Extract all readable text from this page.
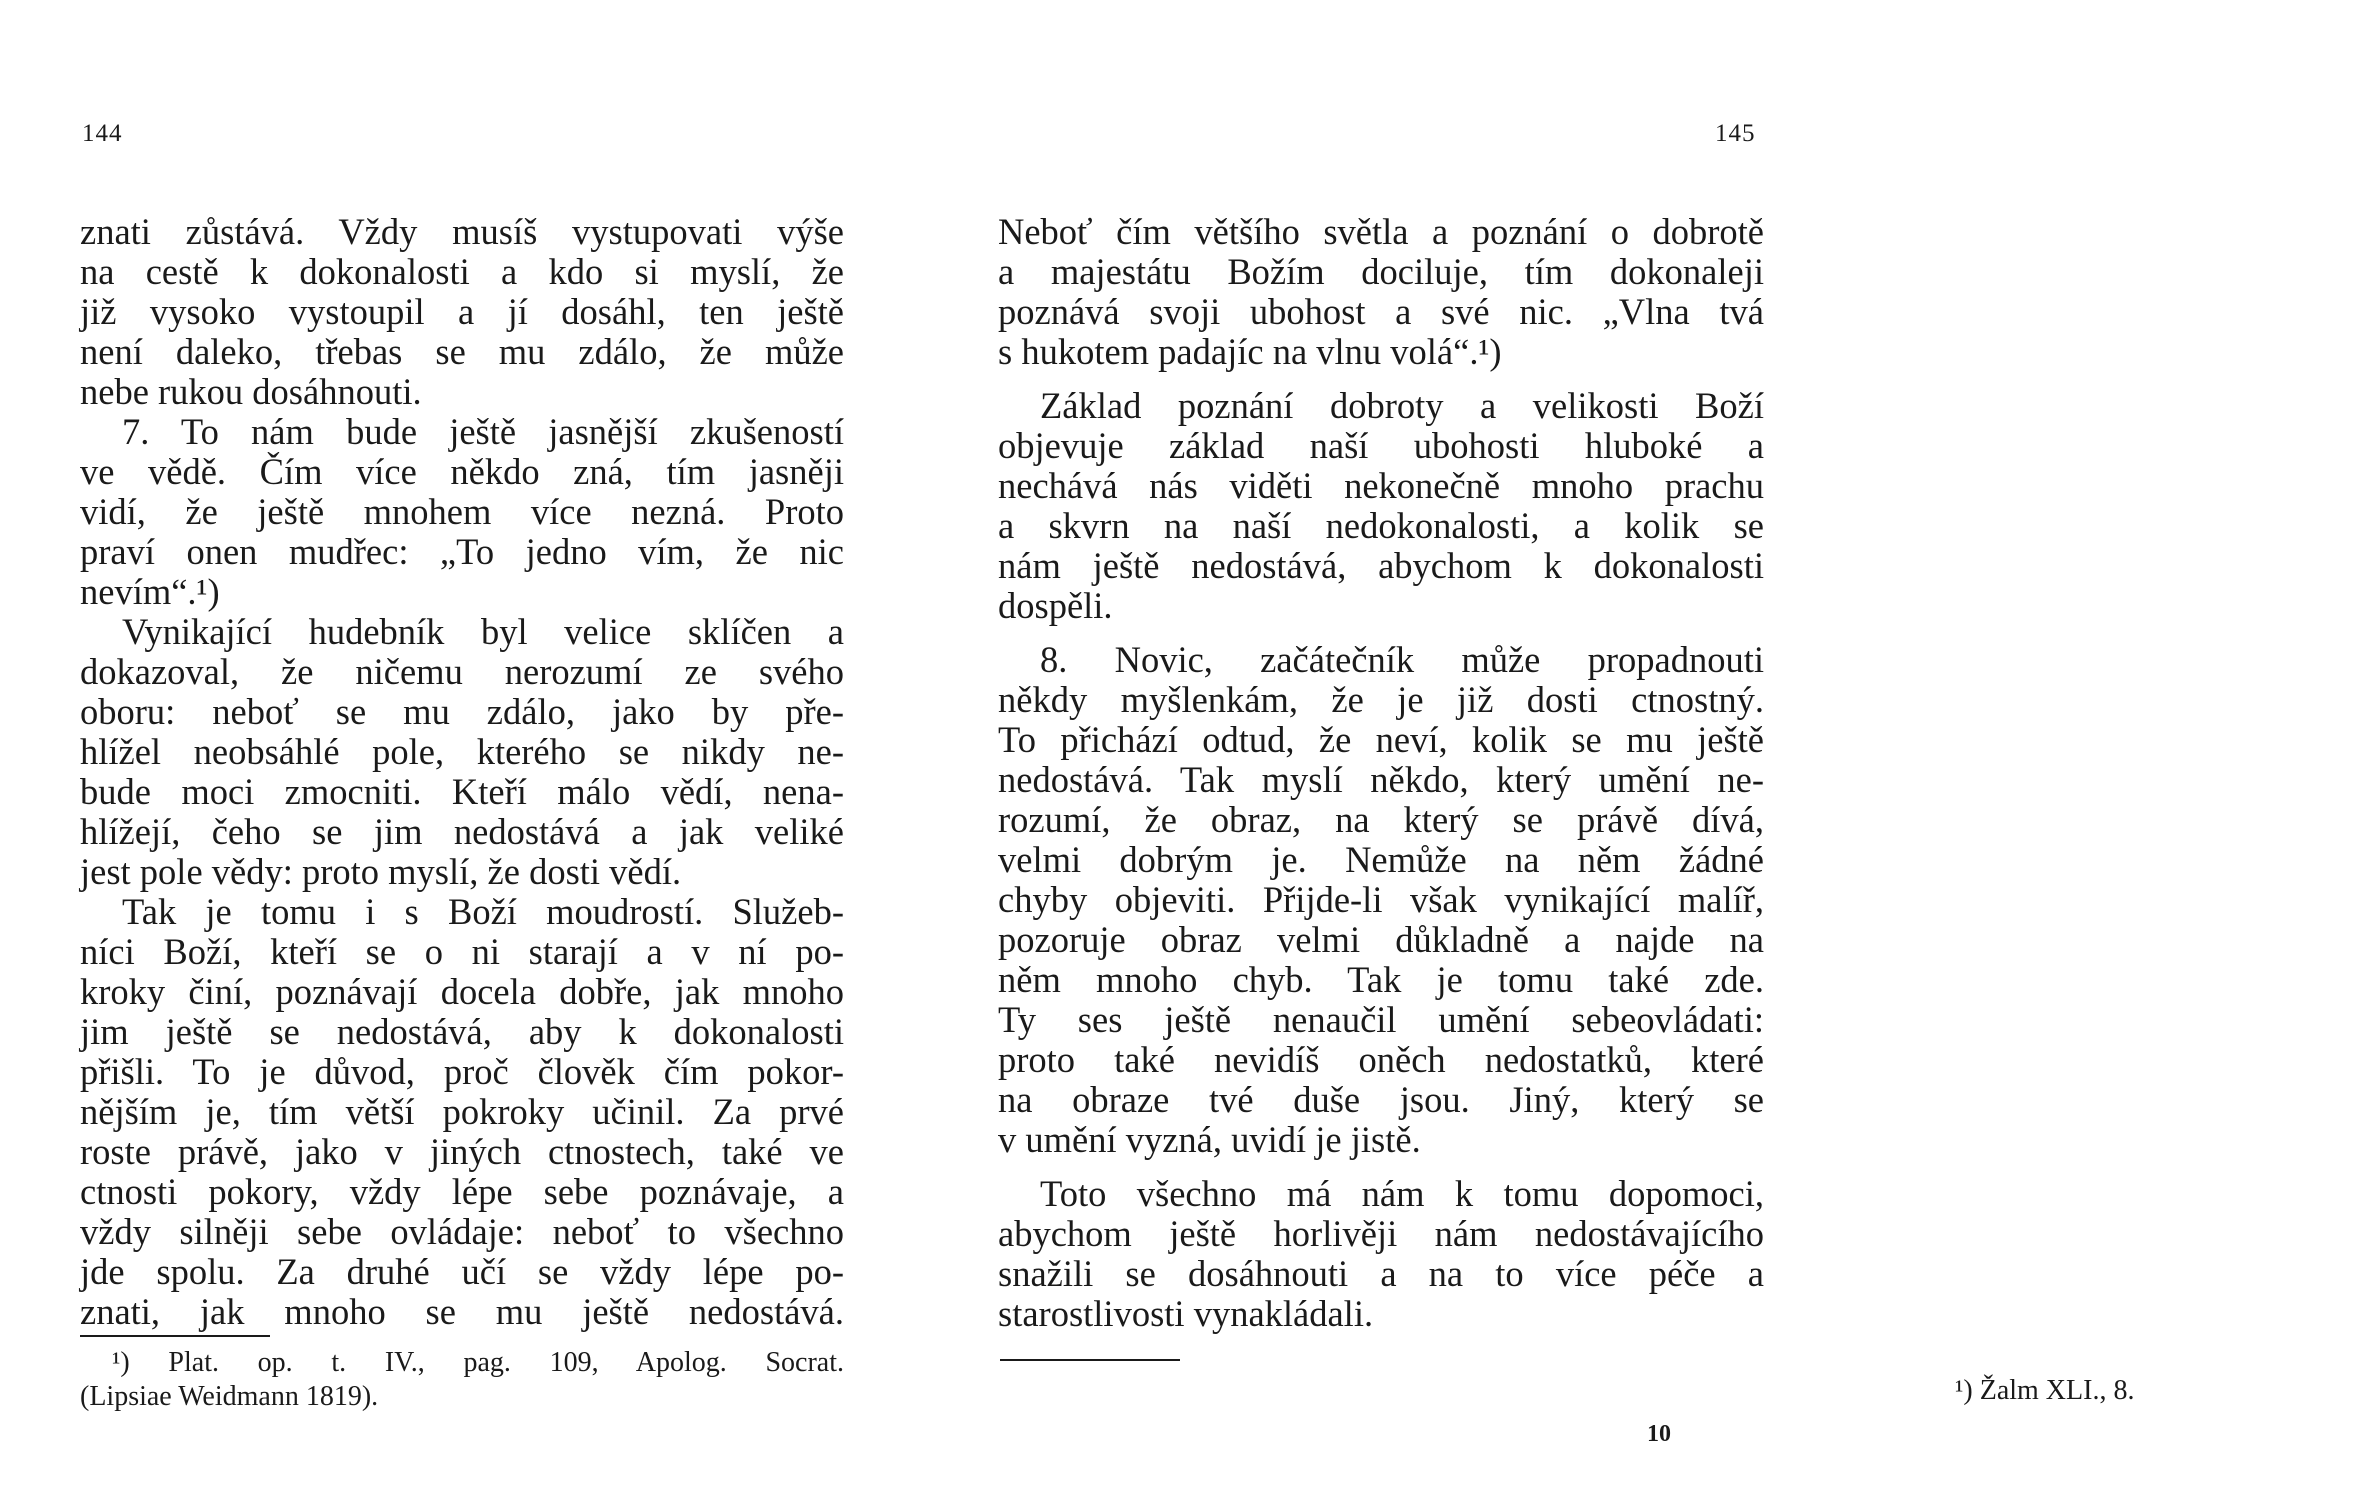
144
znati zůstává. Vždy musíš vystupovati výše
na cestě k dokonalosti a kdo si myslí, že
již vysoko vystoupil a jí dosáhl, ten ještě
není daleko, třebas se mu zdálo, že může
nebe rukou dosáhnouti.
7. To nám bude ještě jasnější zkušeností
ve vědě. Čím více někdo zná, tím jasněji
vidí, že ještě mnohem více nezná. Proto
praví onen mudřec: „To jedno vím, že nic
nevím“.¹)
Vynikající hudebník byl velice sklíčen a
dokazoval, že ničemu nerozumí ze svého
oboru: neboť se mu zdálo, jako by pře-
hlížel neobsáhlé pole, kterého se nikdy ne-
bude moci zmocniti. Kteří málo vědí, nena-
hlížejí, čeho se jim nedostává a jak veliké
jest pole vědy: proto myslí, že dosti vědí.
Tak je tomu i s Boží moudrostí. Služeb-
níci Boží, kteří se o ni starají a v ní po-
kroky činí, poznávají docela dobře, jak mnoho
jim ještě se nedostává, aby k dokonalosti
přišli. To je důvod, proč člověk čím pokor-
nějším je, tím větší pokroky učinil. Za prvé
roste právě, jako v jiných ctnostech, také ve
ctnosti pokory, vždy lépe sebe poznávaje, a
vždy silněji sebe ovládaje: neboť to všechno
jde spolu. Za druhé učí se vždy lépe po-
znati, jak mnoho se mu ještě nedostává.
¹) Plat. op. t. IV., pag. 109, Apolog. Socrat.
(Lipsiae Weidmann 1819).
145
Neboť čím většího světla a poznání o dobrotě
a majestátu Božím dociluje, tím dokonaleji
poznává svoji ubohost a své nic. „Vlna tvá
s hukotem padajíc na vlnu volá“.¹)
Základ poznání dobroty a velikosti Boží
objevuje základ naší ubohosti hluboké a
nechává nás viděti nekonečně mnoho prachu
a skvrn na naší nedokonalosti, a kolik se
nám ještě nedostává, abychom k dokonalosti
dospěli.
8. Novic, začátečník může propadnouti
někdy myšlenkám, že je již dosti ctnostný.
To přichází odtud, že neví, kolik se mu ještě
nedostává. Tak myslí někdo, který umění ne-
rozumí, že obraz, na který se právě dívá,
velmi dobrým je. Nemůže na něm žádné
chyby objeviti. Přijde-li však vynikající malíř,
pozoruje obraz velmi důkladně a najde na
něm mnoho chyb. Tak je tomu také zde.
Ty ses ještě nenaučil umění sebeovládati:
proto také nevidíš oněch nedostatků, které
na obraze tvé duše jsou. Jiný, který se
v umění vyzná, uvidí je jistě.
Toto všechno má nám k tomu dopomoci,
abychom ještě horlivěji nám nedostávajícího
snažili se dosáhnouti a na to více péče a
starostlivosti vynakládali.
¹) Žalm XLI., 8.
10
